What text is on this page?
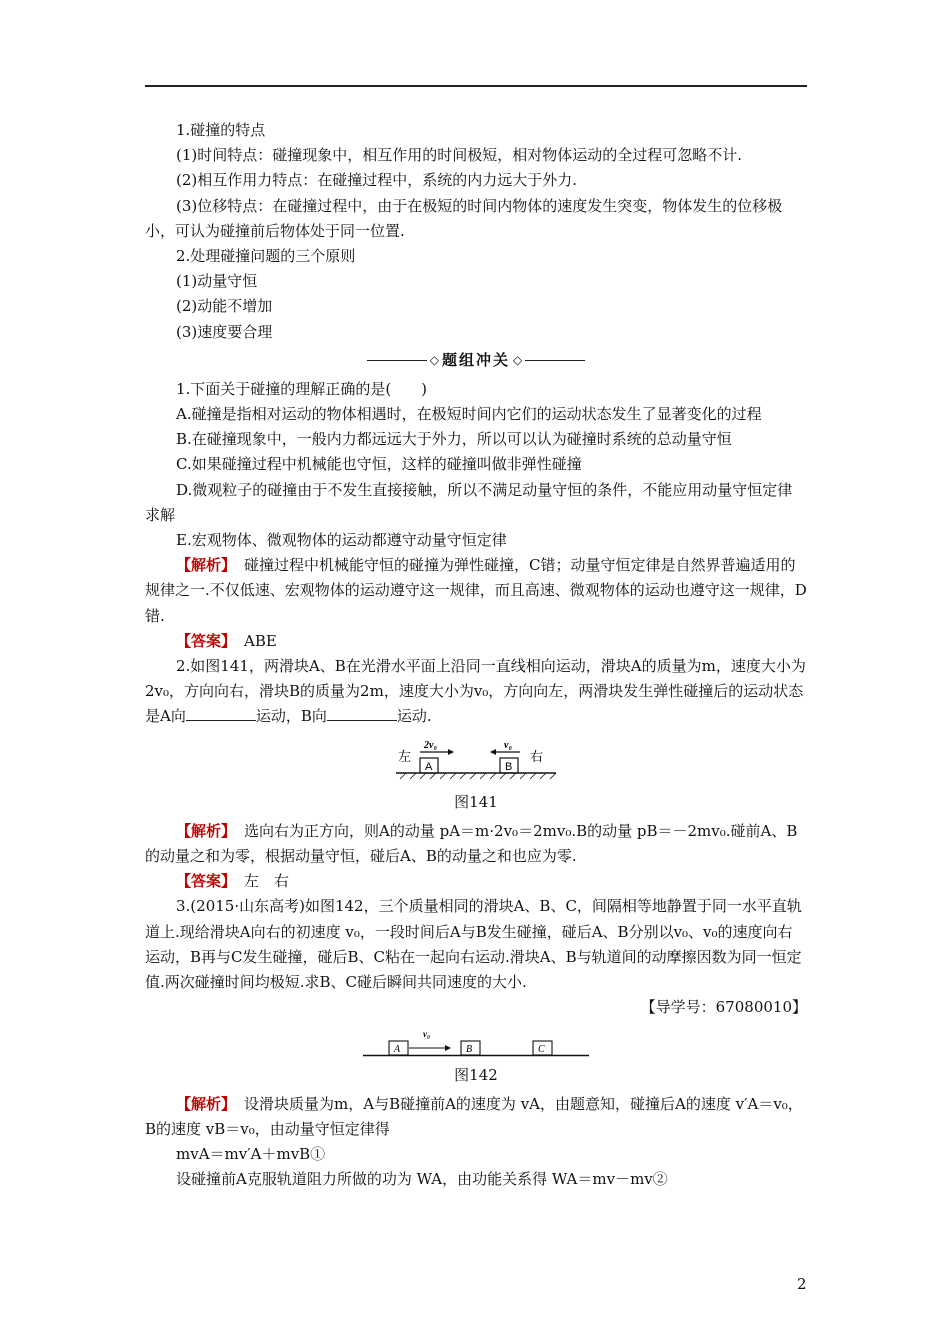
1.碰撞的特点

(1)时间特点：碰撞现象中，相互作用的时间极短，相对物体运动的全过程可忽略不计.

(2)相互作用力特点：在碰撞过程中，系统的内力远大于外力.

(3)位移特点：在碰撞过程中，由于在极短的时间内物体的速度发生突变，物体发生的位移极小，可认为碰撞前后物体处于同一位置.

2.处理碰撞问题的三个原则

(1)动量守恒

(2)动能不增加

(3)速度要合理

◇ 题组冲关 ◇

1.下面关于碰撞的理解正确的是(　　)

A.碰撞是指相对运动的物体相遇时，在极短时间内它们的运动状态发生了显著变化的过程

B.在碰撞现象中，一般内力都远远大于外力，所以可以认为碰撞时系统的总动量守恒

C.如果碰撞过程中机械能也守恒，这样的碰撞叫做非弹性碰撞

D.微观粒子的碰撞由于不发生直接接触，所以不满足动量守恒的条件，不能应用动量守恒定律求解

E.宏观物体、微观物体的运动都遵守动量守恒定律

【解析】 碰撞过程中机械能守恒的碰撞为弹性碰撞，C错；动量守恒定律是自然界普遍适用的规律之一.不仅低速、宏观物体的运动遵守这一规律，而且高速、微观物体的运动也遵守这一规律，D错.

【答案】 ABE

2.如图141，两滑块A、B在光滑水平面上沿同一直线相向运动，滑块A的质量为m，速度大小为2v₀，方向向右，滑块B的质量为2m，速度大小为v₀，方向向左，两滑块发生弹性碰撞后的运动状态是A向	运动，B向	运动.

左	右
2v₀	v₀
A	B

图141

【解析】 选向右为正方向，则A的动量 pA＝m·2v₀＝2mv₀.B的动量 pB＝－2mv₀.碰前A、B的动量之和为零，根据动量守恒，碰后A、B的动量之和也应为零.

【答案】 左　右

3.(2015·山东高考)如图142，三个质量相同的滑块A、B、C，间隔相等地静置于同一水平直轨道上.现给滑块A向右的初速度 v₀，一段时间后A与B发生碰撞，碰后A、B分别以v₀、v₀的速度向右运动，B再与C发生碰撞，碰后B、C粘在一起向右运动.滑块A、B与轨道间的动摩擦因数为同一恒定值.两次碰撞时间均极短.求B、C碰后瞬间共同速度的大小.

【导学号：67080010】

v₀
A	B	C

图142

【解析】 设滑块质量为m，A与B碰撞前A的速度为 vA，由题意知，碰撞后A的速度 v′A＝v₀，B的速度 vB＝v₀，由动量守恒定律得

mvA＝mv′A＋mvB①

设碰撞前A克服轨道阻力所做的功为 WA，由功能关系得 WA＝mv－mv②

2
